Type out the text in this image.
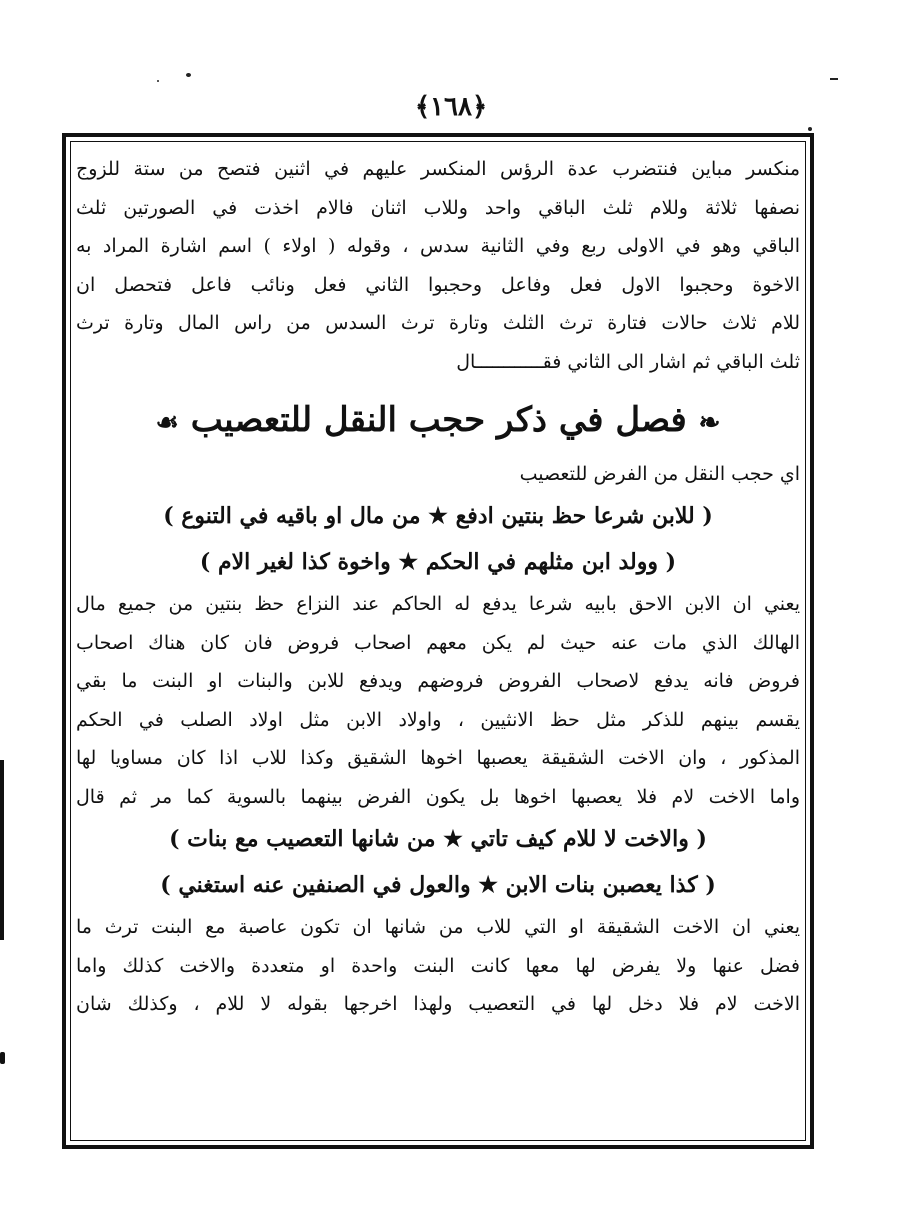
﴿١٦٨﴾
منكسر مباين فنتضرب عدة الرؤس المنكسر عليهم في اثنين فتصح من ستة للزوج
نصفها ثلاثة وللام ثلث الباقي واحد وللاب اثنان فالام اخذت في الصورتين ثلث
الباقي وهو في الاولى ربع وفي الثانية سدس ، وقوله ( اولاء ) اسم اشارة المراد به
الاخوة وحجبوا الاول فعل وفاعل وحجبوا الثاني فعل ونائب فاعل فتحصل ان
للام ثلاث حالات فتارة ترث الثلث وتارة ترث السدس من راس المال وتارة ترث
ثلث الباقي ثم اشار الى الثاني فقــــــــــــال
❧ فصل في ذكر حجب النقل للتعصيب ☙
اي حجب النقل من الفرض للتعصيب
( للابن شرعا حظ بنتين ادفع ★ من مال او باقيه في التنوع )
( وولد ابن مثلهم في الحكم ★ واخوة كذا لغير الام )
يعني ان الابن الاحق بابيه شرعا يدفع له الحاكم عند النزاع حظ بنتين من جميع مال
الهالك الذي مات عنه حيث لم يكن معهم اصحاب فروض فان كان هناك اصحاب
فروض فانه يدفع لاصحاب الفروض فروضهم ويدفع للابن والبنات او البنت ما بقي
يقسم بينهم للذكر مثل حظ الانثيين ، واولاد الابن مثل اولاد الصلب في الحكم
المذكور ، وان الاخت الشقيقة يعصبها اخوها الشقيق وكذا للاب اذا كان مساويا لها
واما الاخت لام فلا يعصبها اخوها بل يكون الفرض بينهما بالسوية كما مر ثم قال
( والاخت لا للام كيف تاتي ★ من شانها التعصيب مع بنات )
( كذا يعصبن بنات الابن ★ والعول في الصنفين عنه استغني )
يعني ان الاخت الشقيقة او التي للاب من شانها ان تكون عاصبة مع البنت ترث ما
فضل عنها ولا يفرض لها معها كانت البنت واحدة او متعددة والاخت كذلك واما
الاخت لام فلا دخل لها في التعصيب ولهذا اخرجها بقوله لا للام ، وكذلك شان
